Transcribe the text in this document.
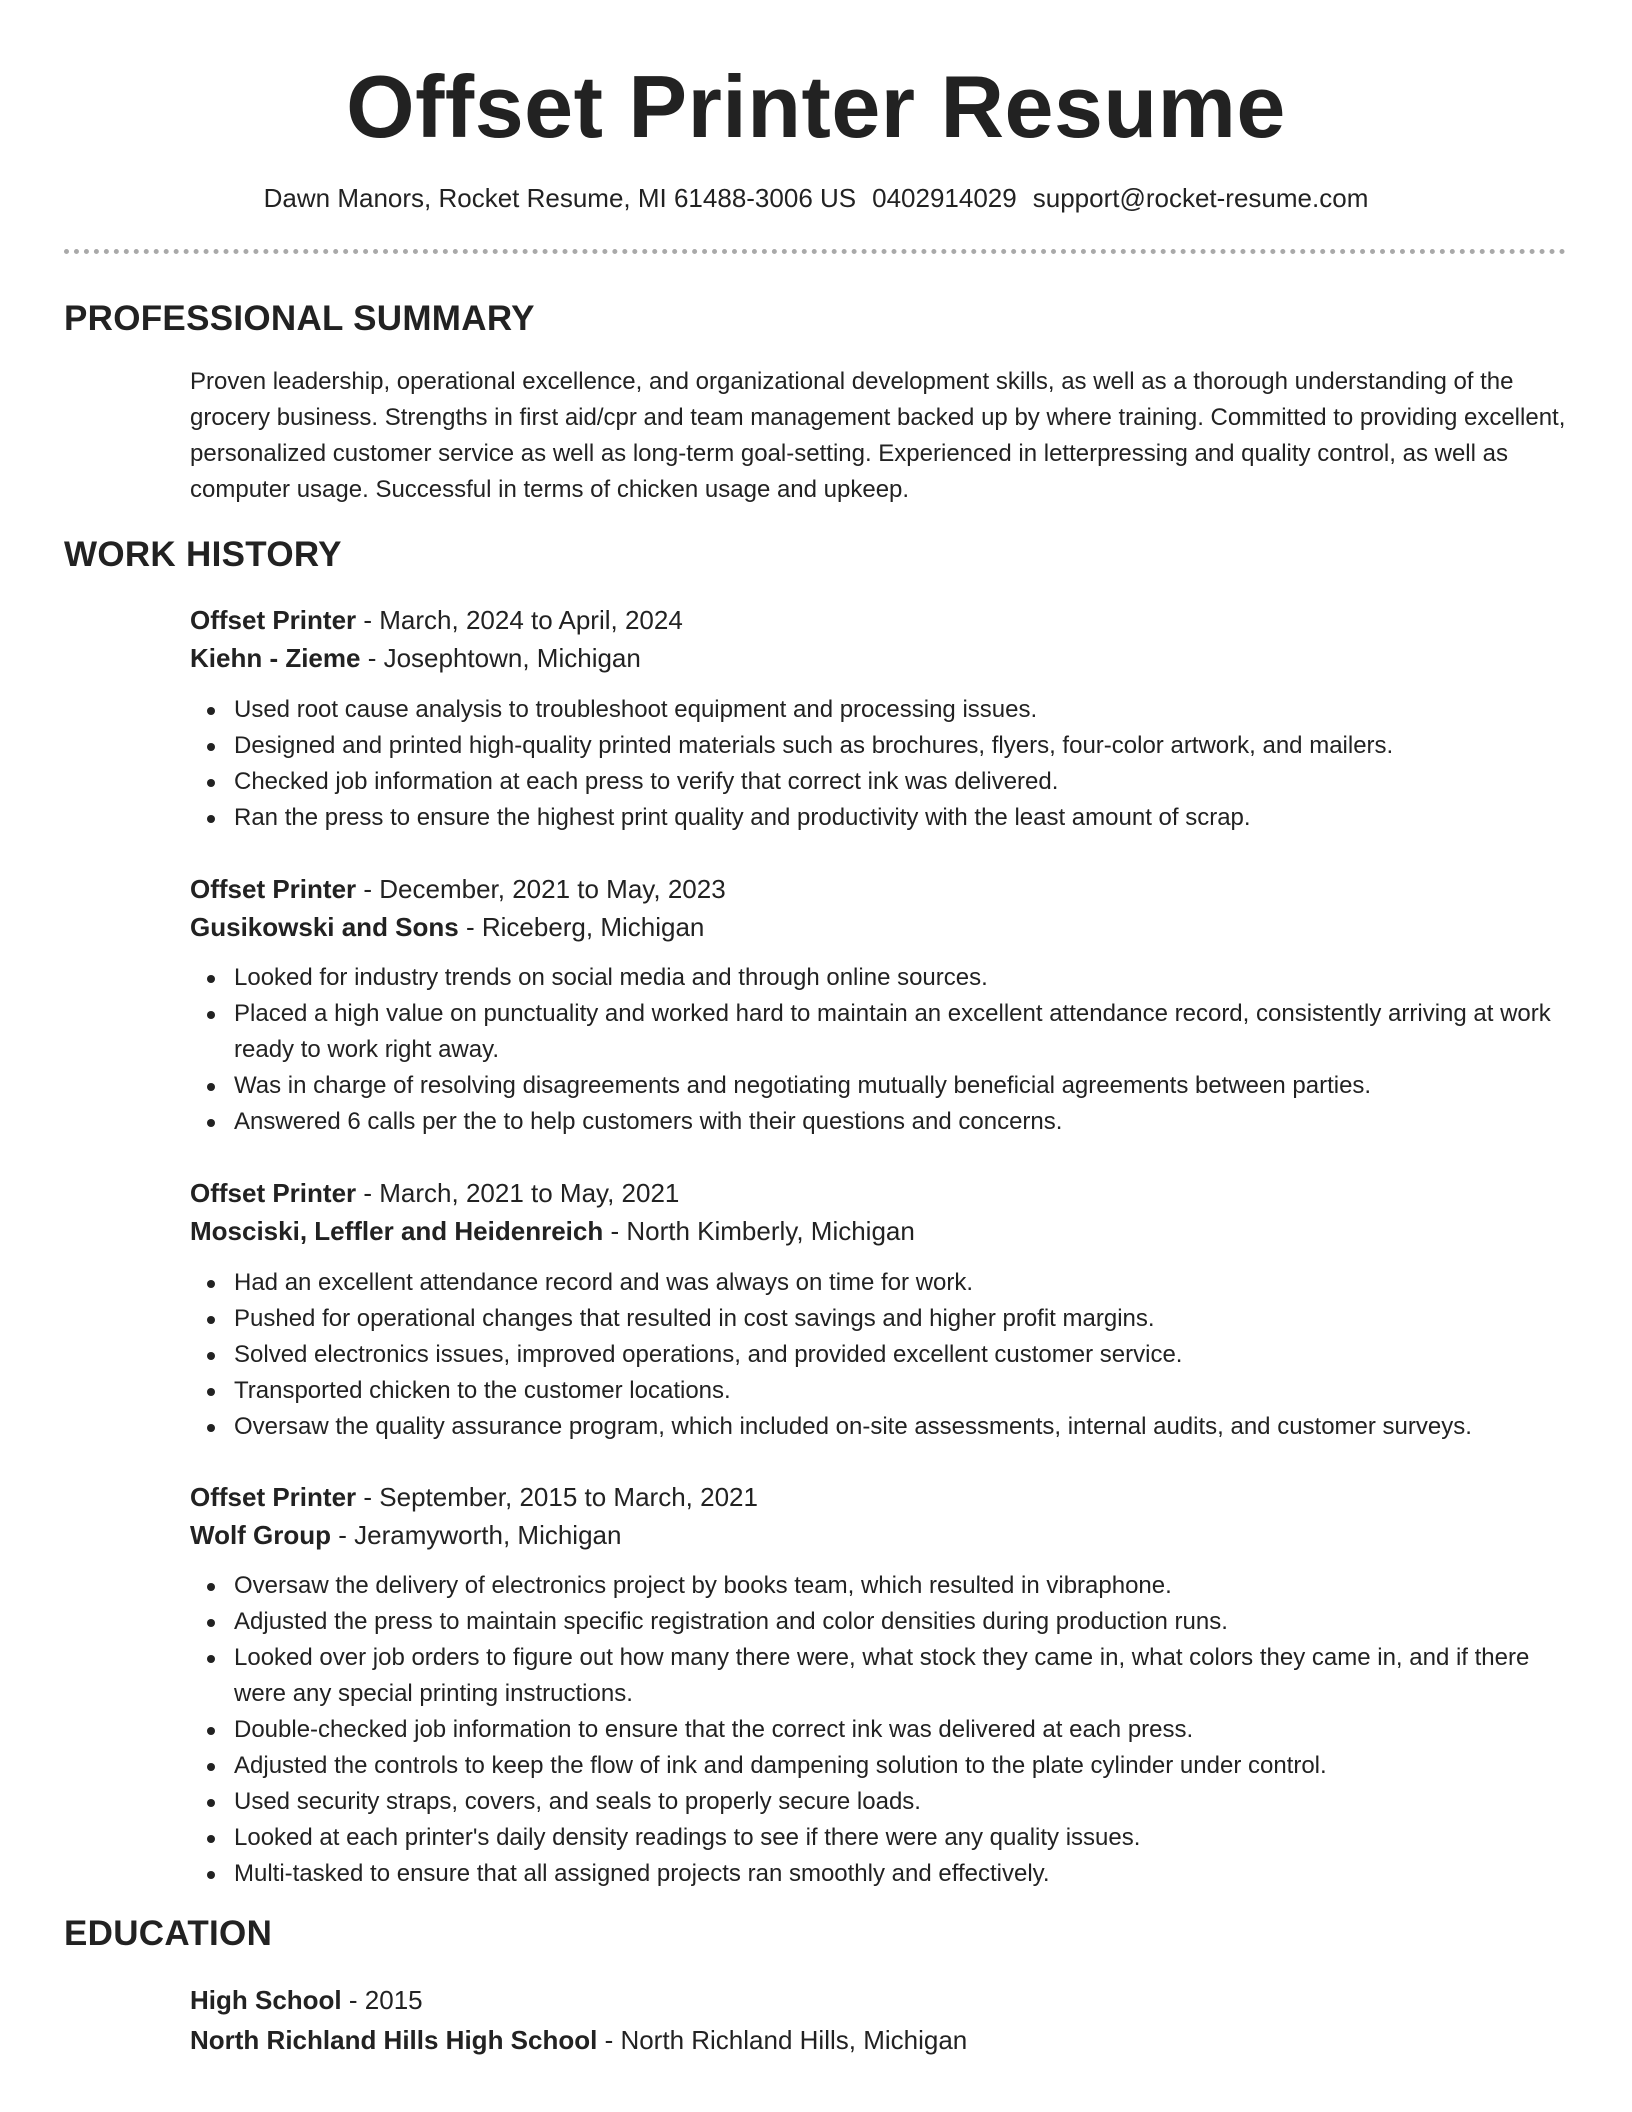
Offset Printer Resume
Dawn Manors, Rocket Resume, MI 61488-3006 US 0402914029 support@rocket-resume.com
PROFESSIONAL SUMMARY

Proven leadership, operational excellence, and organizational development skills, as well as a thorough understanding of the grocery business. Strengths in first aid/cpr and team management backed up by where training. Committed to providing excellent, personalized customer service as well as long-term goal-setting. Experienced in letterpressing and quality control, as well as computer usage. Successful in terms of chicken usage and upkeep.

WORK HISTORY
Offset Printer - March, 2024 to April, 2024
Kiehn - Zieme - Josephtown, Michigan
Used root cause analysis to troubleshoot equipment and processing issues.
Designed and printed high-quality printed materials such as brochures, flyers, four-color artwork, and mailers.
Checked job information at each press to verify that correct ink was delivered.
Ran the press to ensure the highest print quality and productivity with the least amount of scrap.
Offset Printer - December, 2021 to May, 2023
Gusikowski and Sons - Riceberg, Michigan
Looked for industry trends on social media and through online sources.
Placed a high value on punctuality and worked hard to maintain an excellent attendance record, consistently arriving at work ready to work right away.
Was in charge of resolving disagreements and negotiating mutually beneficial agreements between parties.
Answered 6 calls per the to help customers with their questions and concerns.
Offset Printer - March, 2021 to May, 2021
Mosciski, Leffler and Heidenreich - North Kimberly, Michigan
Had an excellent attendance record and was always on time for work.
Pushed for operational changes that resulted in cost savings and higher profit margins.
Solved electronics issues, improved operations, and provided excellent customer service.
Transported chicken to the customer locations.
Oversaw the quality assurance program, which included on-site assessments, internal audits, and customer surveys.
Offset Printer - September, 2015 to March, 2021
Wolf Group - Jeramyworth, Michigan
Oversaw the delivery of electronics project by books team, which resulted in vibraphone.
Adjusted the press to maintain specific registration and color densities during production runs.
Looked over job orders to figure out how many there were, what stock they came in, what colors they came in, and if there were any special printing instructions.
Double-checked job information to ensure that the correct ink was delivered at each press.
Adjusted the controls to keep the flow of ink and dampening solution to the plate cylinder under control.
Used security straps, covers, and seals to properly secure loads.
Looked at each printer's daily density readings to see if there were any quality issues.
Multi-tasked to ensure that all assigned projects ran smoothly and effectively.
EDUCATION
High School - 2015
North Richland Hills High School - North Richland Hills, Michigan
